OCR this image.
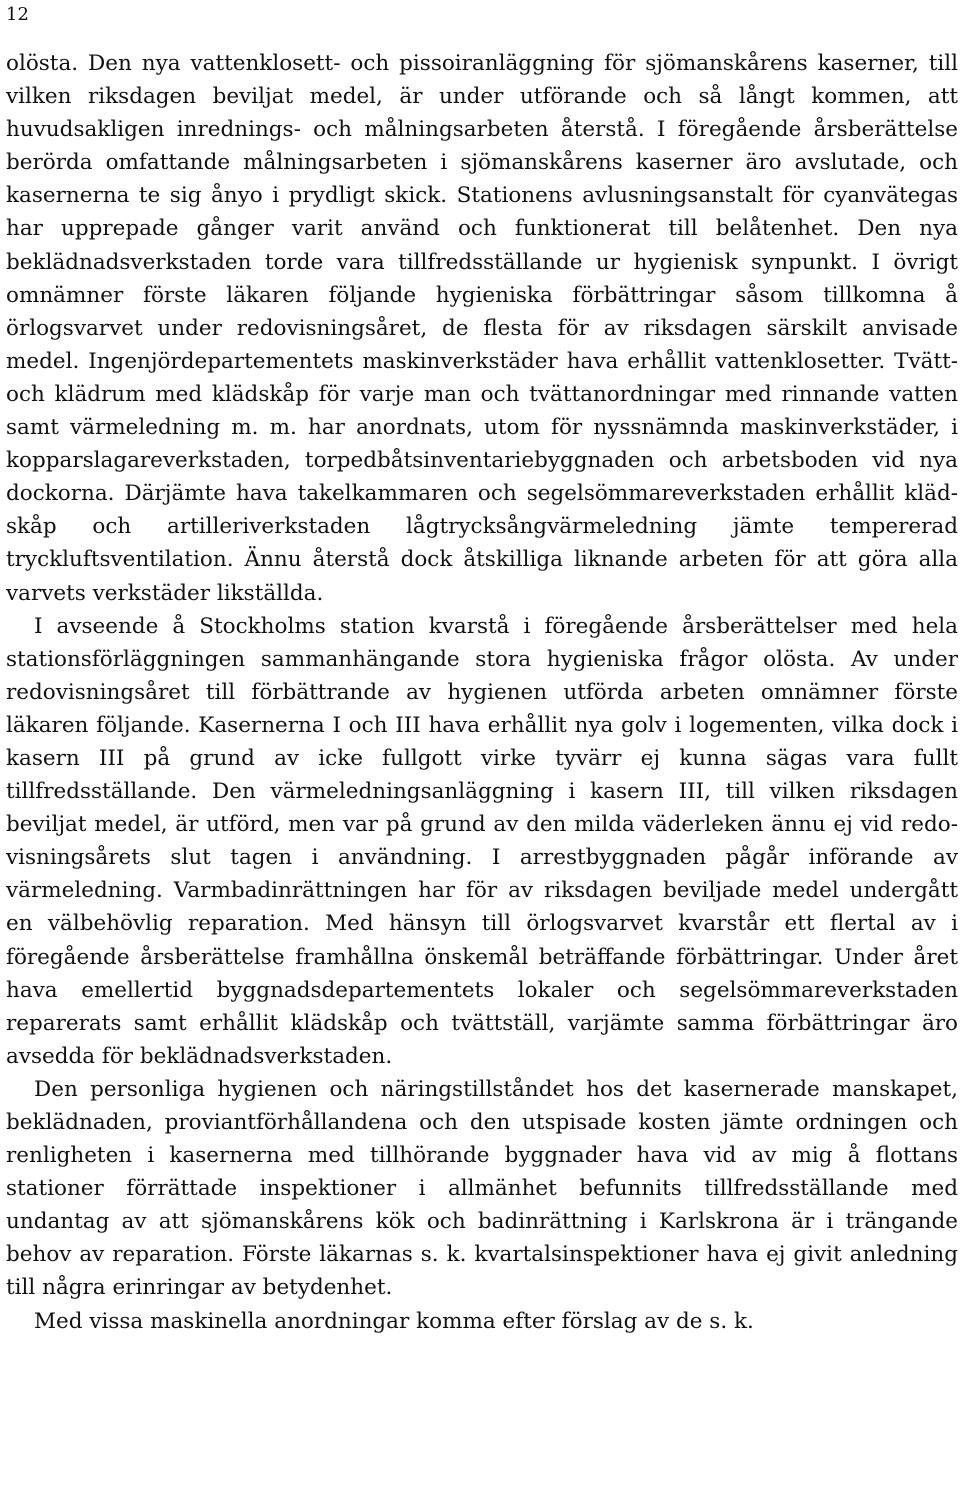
12

olösta. Den nya vattenklosett- och pissoiranläggning för sjömanskårens kaserner, till vilken riksdagen beviljat medel, är under utförande och så långt kommen, att huvudsakligen inrednings- och målningsarbeten återstå. I föregående årsberättelse berörda omfattande målningsarbeten i sjömanskårens kaserner äro avslutade, och kasernerna te sig ånyo i prydligt skick. Stationens avlusningsanstalt för cyanvätegas har upprepade gånger varit använd och funktionerat till belåtenhet. Den nya beklädnadsverkstaden torde vara tillfredsställande ur hygienisk synpunkt. I övrigt omnämner förste läkaren följande hygieniska förbättringar såsom tillkomna å örlogsvarvet under redovisningsåret, de flesta för av riksdagen särskilt anvisade medel. Ingenjördepartementets maskinverkstäder hava erhållit vattenklosetter. Tvätt- och klädrum med klädskåp för varje man och tvättanordningar med rinnande vatten samt värmeledning m. m. har anordnats, utom för nyssnämnda maskinverkstäder, i kopparslagareverkstaden, torpedbåtsinventariebyggnaden och arbetsboden vid nya dockorna. Därjämte hava takelkammaren och segelsömmareverkstaden erhållit klädskåp och artilleriverkstaden lågtrycksångvärmeledning jämte tempererad tryckluftsventilation. Ännu återstå dock åtskilliga liknande arbeten för att göra alla varvets verkstäder likställda.

I avseende å Stockholms station kvarstå i föregående årsberättelser med hela stationsförläggningen sammanhängande stora hygieniska frågor olösta. Av under redovisningsåret till förbättrande av hygienen utförda arbeten omnämner förste läkaren följande. Kasernerna I och III hava erhållit nya golv i logementen, vilka dock i kasern III på grund av icke fullgott virke tyvärr ej kunna sägas vara fullt tillfredsställande. Den värmeledningsanläggning i kasern III, till vilken riksdagen beviljat medel, är utförd, men var på grund av den milda väderleken ännu ej vid redovisningsårets slut tagen i användning. I arrestbyggnaden pågår införande av värmeledning. Varmbadinrättningen har för av riksdagen beviljade medel undergått en välbehövlig reparation. Med hänsyn till örlogsvarvet kvarstår ett flertal av i föregående årsberättelse framhållna önskemål beträffande förbättringar. Under året hava emellertid byggnadsdepartementets lokaler och segelsömmareverkstaden reparerats samt erhållit klädskåp och tvättställ, varjämte samma förbättringar äro avsedda för beklädnadsverkstaden.

Den personliga hygienen och näringstillståndet hos det kasernerade manskapet, beklädnaden, proviantförhållandena och den utspisade kosten jämte ordningen och renligheten i kasernerna med tillhörande byggnader hava vid av mig å flottans stationer förrättade inspektioner i allmänhet befunnits tillfredsställande med undantag av att sjömanskårens kök och badinrättning i Karlskrona är i trängande behov av reparation. Förste läkarnas s. k. kvartalsinspektioner hava ej givit anledning till några erinringar av betydenhet.

Med vissa maskinella anordningar komma efter förslag av de s. k.
